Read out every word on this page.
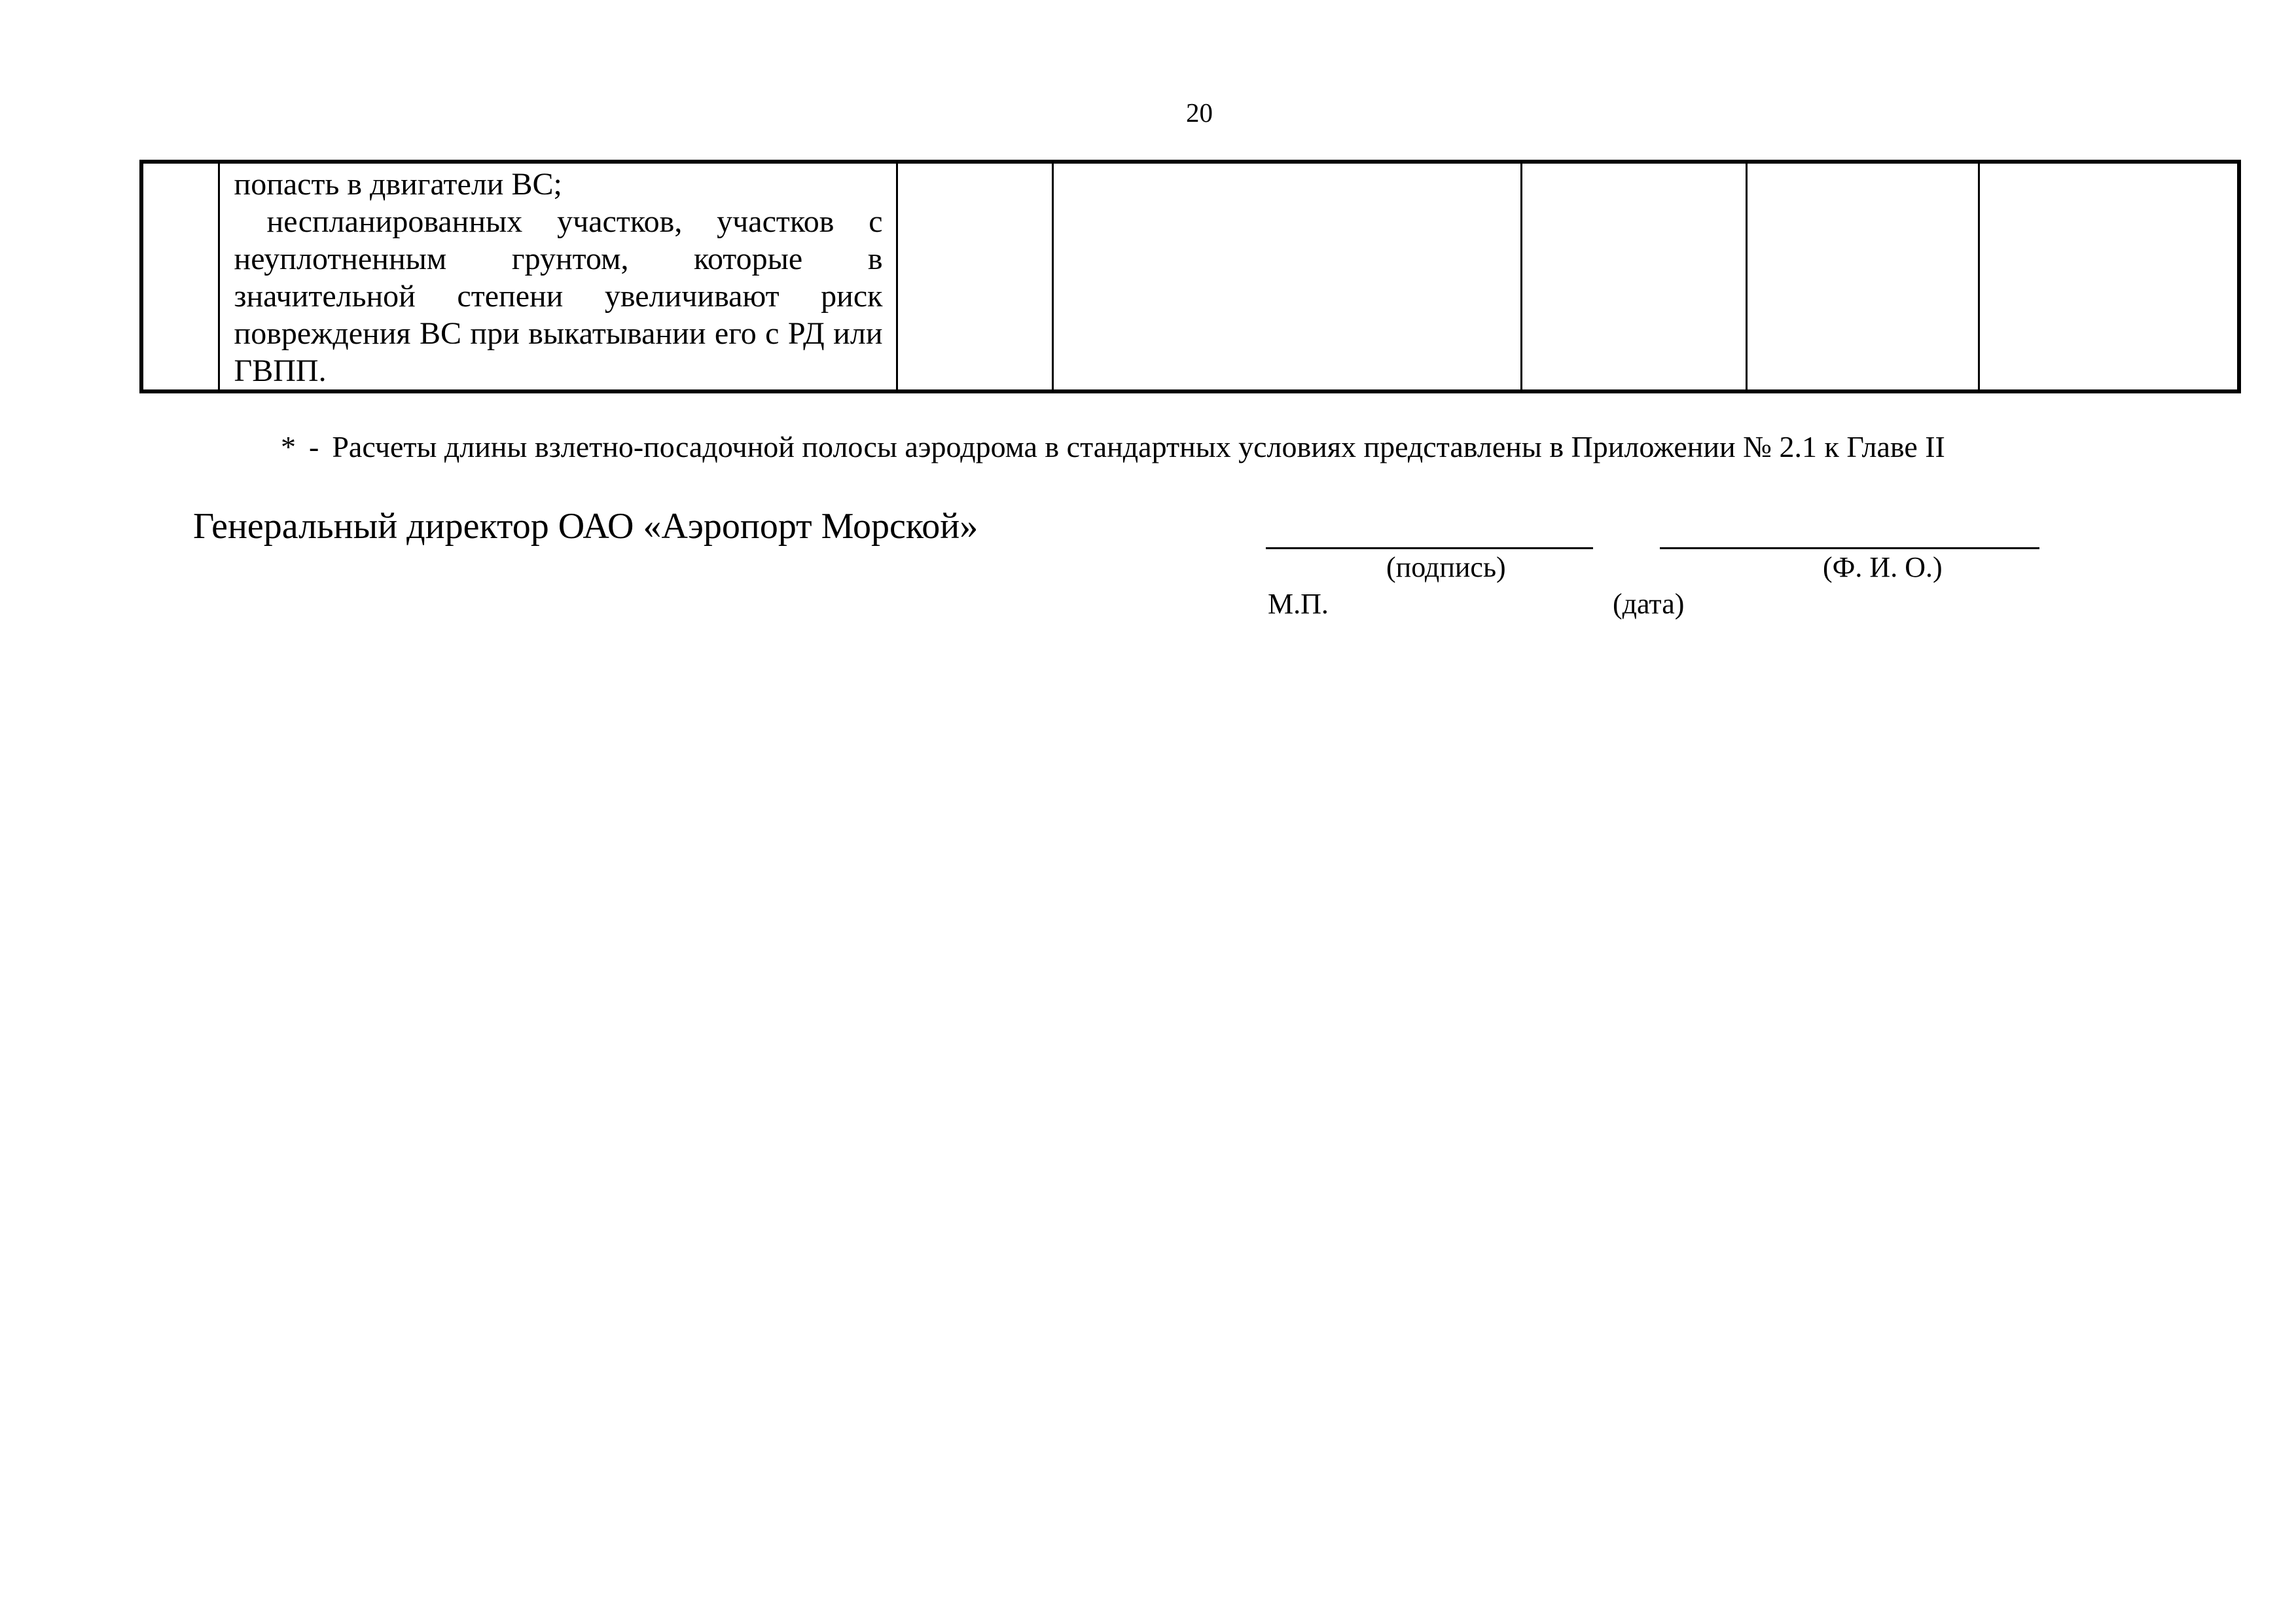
20

попасть в двигатели ВС;

неспланированных участков, участков с неуплотненным грунтом, которые в значительной степени увеличивают риск повреждения ВС при выкатывании его с РД или ГВПП.

* - Расчеты длины взлетно-посадочной полосы аэродрома в стандартных условиях представлены в Приложении № 2.1 к Главе II
Генеральный директор ОАО «Аэропорт Морской»
(подпись)	(Ф. И. О.)
М.П.	(дата)
